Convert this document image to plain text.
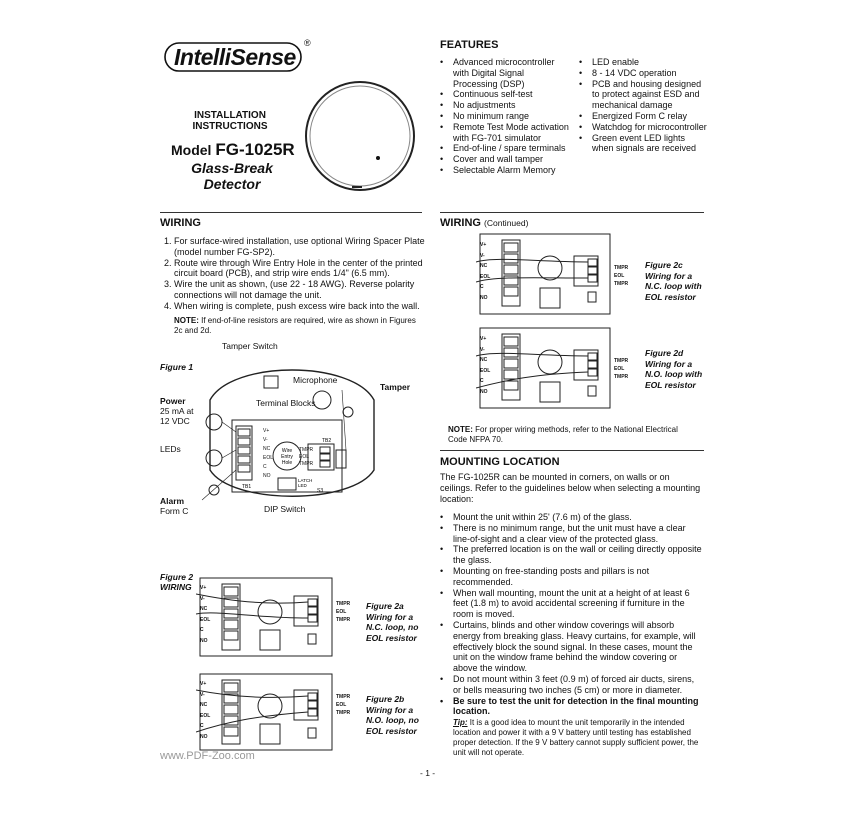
IntelliSense
®
INSTALLATION
INSTRUCTIONS
Model FG-1025R
Glass-Break
Detector
FEATURES
• Advanced microcontroller with Digital Signal Processing (DSP)
• Continuous self-test
• No adjustments
• No minimum range
• Remote Test Mode activation with FG-701 simulator
• End-of-line / spare terminals
• Cover and wall tamper
• Selectable Alarm Memory
• LED enable
• 8 - 14 VDC operation
• PCB and housing designed to protect against ESD and mechanical damage
• Energized Form C relay
• Watchdog for microcontroller
• Green event LED lights when signals are received
WIRING
1. For surface-wired installation, use optional Wiring Spacer Plate (model number FG-SP2).
2. Route wire through Wire Entry Hole in the center of the printed circuit board (PCB), and strip wire ends 1/4" (6.5 mm).
3. Wire the unit as shown, (use 22 - 18 AWG). Reverse polarity connections will not damage the unit.
4. When wiring is complete, push excess wire back into the wall.
NOTE: If end-of-line resistors are required, wire as shown in Figures 2c and 2d.
Figure 1
Tamper Switch
Microphone
Tamper
Terminal Blocks
Power
25 mA at
12 VDC
LEDs
Alarm
Form C	DIP Switch
Wire
Entry
Hole
TB2
TB1
LATCH
LED
S3
V+
V-
NC
EOL
C
NO
TMPR
EOL
TMPR
Figure 2
WIRING V+
V-
NC
EOL
C
NO
TMPR
EOL
TMPR
Figure 2a
Wiring for a
N.C. loop, no
EOL resistor
V+
V-
NC
EOL
C
NO
TMPR
EOL
TMPR
Figure 2b
Wiring for a
N.O. loop, no
EOL resistor
WIRING (Continued)
V+
V-
NC
EOL
C
NO
TMPR
EOL
TMPR
Figure 2c
Wiring for a
N.C. loop with
EOL resistor
V+
V-
NC
EOL
C
NO
TMPR
EOL
TMPR
Figure 2d
Wiring for a
N.O. loop with
EOL resistor
NOTE: For proper wiring methods, refer to the National Electrical Code NFPA 70.
MOUNTING LOCATION
The FG-1025R can be mounted in corners, on walls or on ceilings. Refer to the guidelines below when selecting a mounting location:
• Mount the unit within 25' (7.6 m) of the glass.
• There is no minimum range, but the unit must have a clear line-of-sight and a clear view of the protected glass.
• The preferred location is on the wall or ceiling directly opposite the glass.
• Mounting on free-standing posts and pillars is not recommended.
• When wall mounting, mount the unit at a height of at least 6 feet (1.8 m) to avoid accidental screening if furniture in the room is moved.
• Curtains, blinds and other window coverings will absorb energy from breaking glass. Heavy curtains, for example, will effectively block the sound signal. In these cases, mount the unit on the window frame behind the window covering or above the window.
• Do not mount within 3 feet (0.9 m) of forced air ducts, sirens, or bells measuring two inches (5 cm) or more in diameter.
• Be sure to test the unit for detection in the final mounting location.
Tip: It is a good idea to mount the unit temporarily in the intended location and power it with a 9 V battery until testing has established proper detection. If the 9 V battery cannot supply sufficient power, the unit will not operate.
www.PDF-Zoo.com
- 1 -
